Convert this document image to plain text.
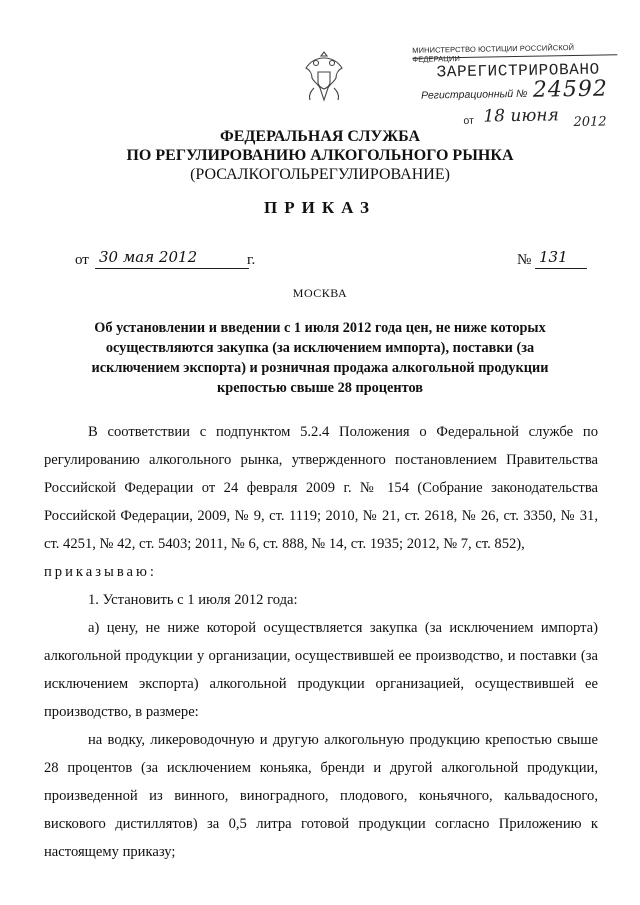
МИНИСТЕРСТВО ЮСТИЦИИ РОССИЙСКОЙ ФЕДЕРАЦИИ
ЗАРЕГИСТРИРОВАНО
Регистрационный № 24592
от 18 июня 2012
ФЕДЕРАЛЬНАЯ СЛУЖБА
ПО РЕГУЛИРОВАНИЮ АЛКОГОЛЬНОГО РЫНКА
(РОСАЛКОГОЛЬРЕГУЛИРОВАНИЕ)
ПРИКАЗ
от 30 мая 2012	г.	№ 131
МОСКВА
Об установлении и введении с 1 июля 2012 года цен, не ниже которых осуществляются закупка (за исключением импорта), поставки (за исключением экспорта) и розничная продажа алкогольной продукции крепостью свыше 28 процентов

В соответствии с подпунктом 5.2.4 Положения о Федеральной службе по регулированию алкогольного рынка, утвержденного постановлением Правительства Российской Федерации от 24 февраля 2009 г. № 154 (Собрание законодательства Российской Федерации, 2009, № 9, ст. 1119; 2010, № 21, ст. 2618, № 26, ст. 3350, № 31, ст. 4251, № 42, ст. 5403; 2011, № 6, ст. 888, № 14, ст. 1935; 2012, № 7, ст. 852),

приказываю:

1. Установить с 1 июля 2012 года:

а) цену, не ниже которой осуществляется закупка (за исключением импорта) алкогольной продукции у организации, осуществившей ее производство, и поставки (за исключением экспорта) алкогольной продукции организацией, осуществившей ее производство, в размере:

на водку, ликероводочную и другую алкогольную продукцию крепостью свыше 28 процентов (за исключением коньяка, бренди и другой алкогольной продукции, произведенной из винного, виноградного, плодового, коньячного, кальвадосного, вискового дистиллятов) за 0,5 литра готовой продукции согласно Приложению к настоящему приказу;
